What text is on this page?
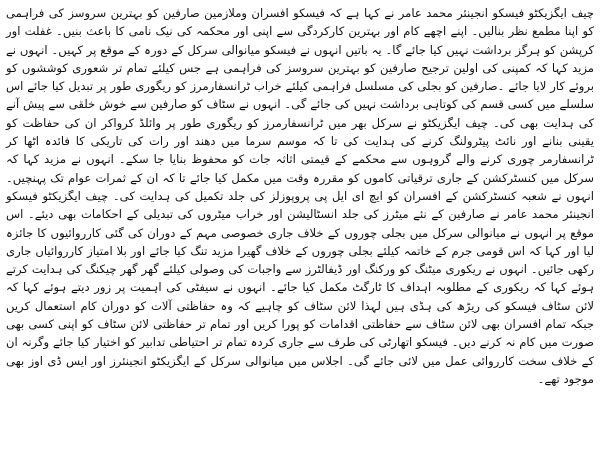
چیف ایگزیکٹو فیسکو انجینئر محمد عامر نے کہا ہے کہ فیسکو افسران وملازمین صارفین کو بہترین سروسز کی فراہمی کو اپنا مطمع نظر بنالیں۔ اپنے اچھے کام اور بہترین کارکردگی سے اپنی اور محکمہ کی نیک نامی کا باعث بنیں۔ غفلت اور کرپشن کو ہرگز برداشت نہیں کیا جائے گا۔ یہ باتیں انہوں نے فیسکو میانوالی سرکل کے دورہ کے موقع پر کہیں۔ انہوں نے مزید کہا کہ کمپنی کی اولین ترجیح صارفین کو بہترین سروسز کی فراہمی ہے جس کیلئے تمام تر شعوری کوششوں کو بروئے کار لایا جائے ۔صارفین کو بجلی کی مسلسل فراہمی کیلئے خراب ٹرانسفارمرز کو ریگوری طور پر تبدیل کیا جائے اس سلسلے میں کسی قسم کی کوتاہی برداشت نہیں کی جائے گی۔ انہوں نے سٹاف کو صارفین سے خوش خلقی سے پیش آنے کی ہدایت بھی کی۔ چیف ایگزیکٹو نے سرکل بھر میں ٹرانسفارمرز کو ریگوری طور پر وائلڈ کرواکر ان کی حفاظت کو یقینی بنانے اور نائٹ پیٹرولنگ کرنے کی ہدایت کی تا کہ موسم سرما میں دھند اور رات کی تاریکی کا فائدہ اٹھا کر ٹرانسفارمر چوری کرنے والے گروہوں سے محکمے کے قیمتی اثاثہ جات کو محفوظ بنایا جا سکے۔ انہوں نے مزید کہا کہ سرکل میں کنسٹرکشن کے جاری ترقیاتی کاموں کو مقررہ وقت میں مکمل کیا جائے تا کہ ان کے ثمرات عوام تک پہنچیں۔ انہوں نے شعبہ کنسٹرکشن کے افسران کو ایچ ای ایل پی پروپوزلز کی جلد تکمیل کی ہدایت کی۔ چیف ایگزیکٹو فیسکو انجینئر محمد عامر نے صارفین کے نئے میٹرز کی جلد انسٹالیشن اور خراب میٹروں کی تبدیلی کے احکامات بھی دیئے۔ اس موقع پر انہوں نے میانوالی سرکل میں بجلی چوروں کے خلاف جاری خصوصی مہم کے دوران کی گئی کارروائیوں کا جائزہ لیا اور کہا کہ اس قومی جرم کے خاتمہ کیلئے بجلی چوروں کے خلاف گھیرا مزید تنگ کیا جائے اور بلا امتیاز کارروائیاں جاری رکھی جائیں۔ انہوں نے ریکوری میٹنگ کو ورکنگ اور ڈیفالٹرز سے واجبات کی وصولی کیلئے گھر گھر چیکنگ کی ہدایت کرتے ہوئے کہا کہ ریکوری کے مطلوبہ اہداف کا ٹارگٹ مکمل کیا جائے۔ انہوں نے سیفٹی کی اہمیت پر زور دیتے ہوئے کہا کہ لائن سٹاف فیسکو کی ریڑھ کی ہڈی ہیں لہذا لائن سٹاف کو چاہیے کہ وہ حفاظتی آلات کو دوران کام استعمال کریں جبکہ تمام افسران بھی لائن سٹاف سے حفاظتی اقدامات کو پورا کریں اور تمام تر حفاظتی لائن سٹاف کو اپنی کسی بھی صورت میں کام نہ کرنے دیں۔ فیسکو اتھارٹی کی طرف سے جاری کردہ تمام تر احتیاطی تدابیر کو اختیار کیا جائے وگرنہ ان کے خلاف سخت کارروائی عمل میں لائی جائے گی۔ اجلاس میں میانوالی سرکل کے ایگزیکٹو انجینئرز اور ایس ڈی اوز بھی موجود تھے۔
